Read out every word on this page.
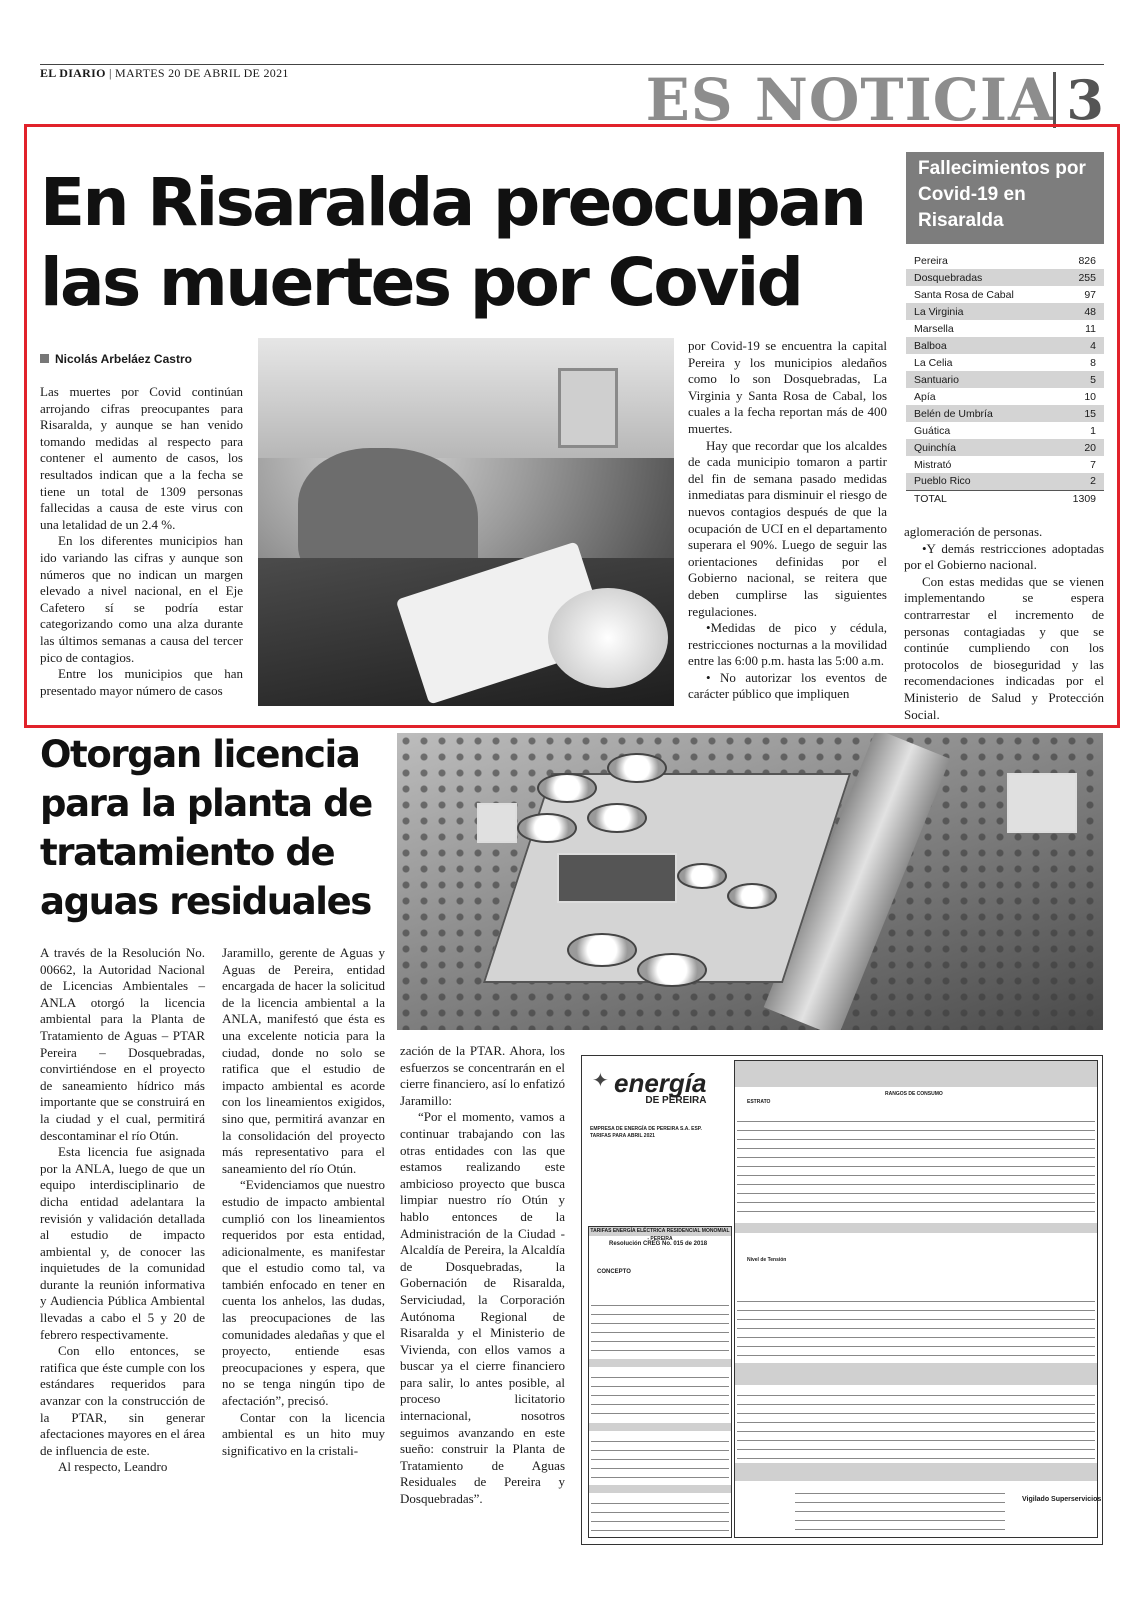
EL DIARIO | MARTES 20 DE ABRIL DE 2021	ES NOTICIA 3
En Risaralda preocupan
las muertes por Covid
Nicolás Arbeláez Castro

Las muertes por Covid continúan arrojando cifras preocupantes para Risaralda, y aunque se han venido tomando medidas al respecto para contener el aumento de casos, los resultados indican que a la fecha se tiene un total de 1309 personas fallecidas a causa de este virus con una letalidad de un 2.4 %.

En los diferentes municipios han ido variando las cifras y aunque son números que no indican un margen elevado a nivel nacional, en el Eje Cafetero sí se podría estar categorizando como una alza durante las últimos semanas a causa del tercer pico de contagios.

Entre los municipios que han presentado mayor número de casos

por Covid-19 se encuentra la capital Pereira y los municipios aledaños como lo son Dosquebradas, La Virginia y Santa Rosa de Cabal, los cuales a la fecha reportan más de 400 muertes.

Hay que recordar que los alcaldes de cada municipio tomaron a partir del fin de semana pasado medidas inmediatas para disminuir el riesgo de nuevos contagios después de que la ocupación de UCI en el departamento superara el 90%. Luego de seguir las orientaciones definidas por el Gobierno nacional, se reitera que deben cumplirse las siguientes regulaciones.

•Medidas de pico y cédula, restricciones nocturnas a la movilidad entre las 6:00 p.m. hasta las 5:00 a.m.

• No autorizar los eventos de carácter público que impliquen

Fallecimientos por Covid-19 en Risaralda
Pereira	826
Dosquebradas	255
Santa Rosa de Cabal	97
La Virginia	48
Marsella	11
Balboa	4
La Celia	8
Santuario	5
Apía	10
Belén de Umbría	15
Guática	1
Quinchía	20
Mistrató	7
Pueblo Rico	2
TOTAL	1309

aglomeración de personas.

•Y demás restricciones adoptadas por el Gobierno nacional.

Con estas medidas que se vienen implementando se espera contrarrestar el incremento de personas contagiadas y que se continúe cumpliendo con los protocolos de bioseguridad y las recomendaciones indicadas por el Ministerio de Salud y Protección Social.

Otorgan licencia para la planta de tratamiento de aguas residuales

A través de la Resolución No. 00662, la Autoridad Nacional de Licencias Ambientales – ANLA otorgó la licencia ambiental para la Planta de Tratamiento de Aguas – PTAR Pereira – Dosquebradas, convirtiéndose en el proyecto de saneamiento hídrico más importante que se construirá en la ciudad y el cual, permitirá descontaminar el río Otún.

Esta licencia fue asignada por la ANLA, luego de que un equipo interdisciplinario de dicha entidad adelantara la revisión y validación detallada al estudio de impacto ambiental y, de conocer las inquietudes de la comunidad durante la reunión informativa y Audiencia Pública Ambiental llevadas a cabo el 5 y 20 de febrero respectivamente.

Con ello entonces, se ratifica que éste cumple con los estándares requeridos para avanzar con la construcción de la PTAR, sin generar afectaciones mayores en el área de influencia de este.

Al respecto, Leandro

Jaramillo, gerente de Aguas y Aguas de Pereira, entidad encargada de hacer la solicitud de la licencia ambiental a la ANLA, manifestó que ésta es una excelente noticia para la ciudad, donde no solo se ratifica que el estudio de impacto ambiental es acorde con los lineamientos exigidos, sino que, permitirá avanzar en la consolidación del proyecto más representativo para el saneamiento del río Otún.

“Evidenciamos que nuestro estudio de impacto ambiental cumplió con los lineamientos requeridos por esta entidad, adicionalmente, es manifestar que el estudio como tal, va también enfocado en tener en cuenta los anhelos, las dudas, las preocupaciones de las comunidades aledañas y que el proyecto, entiende esas preocupaciones y espera, que no se tenga ningún tipo de afectación”, precisó.

Contar con la licencia ambiental es un hito muy significativo en la cristali-

zación de la PTAR. Ahora, los esfuerzos se concentrarán en el cierre financiero, así lo enfatizó Jaramillo:

“Por el momento, vamos a continuar trabajando con las otras entidades con las que estamos realizando este ambicioso proyecto que busca limpiar nuestro río Otún y hablo entonces de la Administración de la Ciudad - Alcaldía de Pereira, la Alcaldía de Dosquebradas, la Gobernación de Risaralda, Serviciudad, la Corporación Autónoma Regional de Risaralda y el Ministerio de Vivienda, con ellos vamos a buscar ya el cierre financiero para salir, lo antes posible, al proceso licitatorio internacional, nosotros seguimos avanzando en este sueño: construir la Planta de Tratamiento de Aguas Residuales de Pereira y Dosquebradas”.

✦ energía
DE PEREIRA
EMPRESA DE ENERGÍA DE PEREIRA S.A. ESP.
TARIFAS PARA ABRIL 2021
TARIFAS ENERGÍA ELÉCTRICA RESIDENCIAL MONOMIAL - PEREIRA
Resolución CREG No. 015 de 2018
CONCEPTO
RANGOS DE CONSUMO
ESTRATO
Nivel de Tensión
Vigilado Superservicios
